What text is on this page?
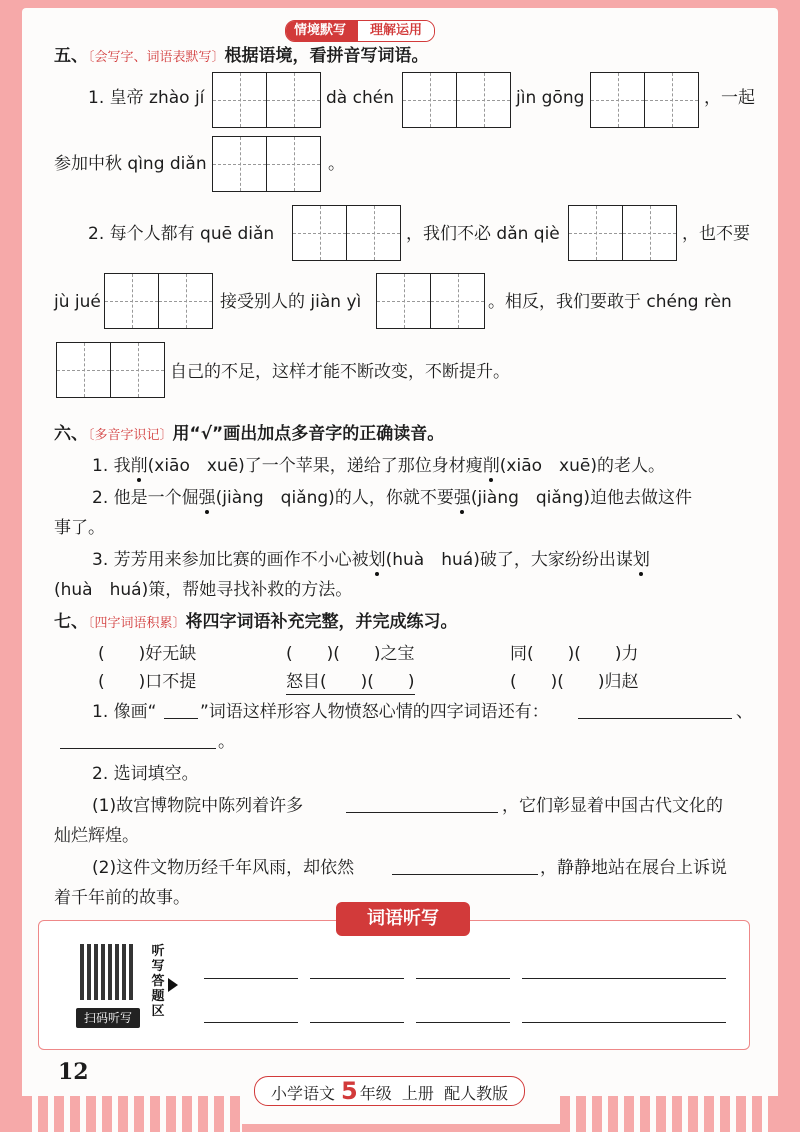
情境默写	理解运用
五、〔会写字、词语表默写〕根据语境，看拼音写词语。
1. 皇帝 zhào jí	dà chén	jìn gōng	，一起
参加中秋 qìng diǎn	。
2. 每个人都有 quē diǎn	，我们不必 dǎn qiè	，也不要
jù jué	接受别人的 jiàn yì	。相反，我们要敢于 chéng rèn
自己的不足，这样才能不断改变，不断提升。
六、〔多音字识记〕用“√”画出加点多音字的正确读音。
1. 我削(xiāo　xuē)了一个苹果，递给了那位身材瘦削(xiāo　xuē)的老人。
2. 他是一个倔强(jiàng　qiǎng)的人，你就不要强(jiàng　qiǎng)迫他去做这件
事了。
3. 芳芳用来参加比赛的画作不小心被划(huà　huá)破了，大家纷纷出谋划
(huà　huá)策，帮她寻找补救的方法。
七、〔四字词语积累〕将四字词语补充完整，并完成练习。
(　　)好无缺	(　　)(　　)之宝	同(　　)(　　)力
(　　)口不提	怒目(　　)(　　)	(　　)(　　)归赵
1. 像画“	”词语这样形容人物愤怒心情的四字词语还有：	、
。
2. 选词填空。
(1)故宫博物院中陈列着许多	，它们彰显着中国古代文化的
灿烂辉煌。
(2)这件文物历经千年风雨，却依然	，静静地站在展台上诉说
着千年前的故事。
词语听写
扫码听写
听写答题区
12
小学语文 5 年级 上册 配人教版
